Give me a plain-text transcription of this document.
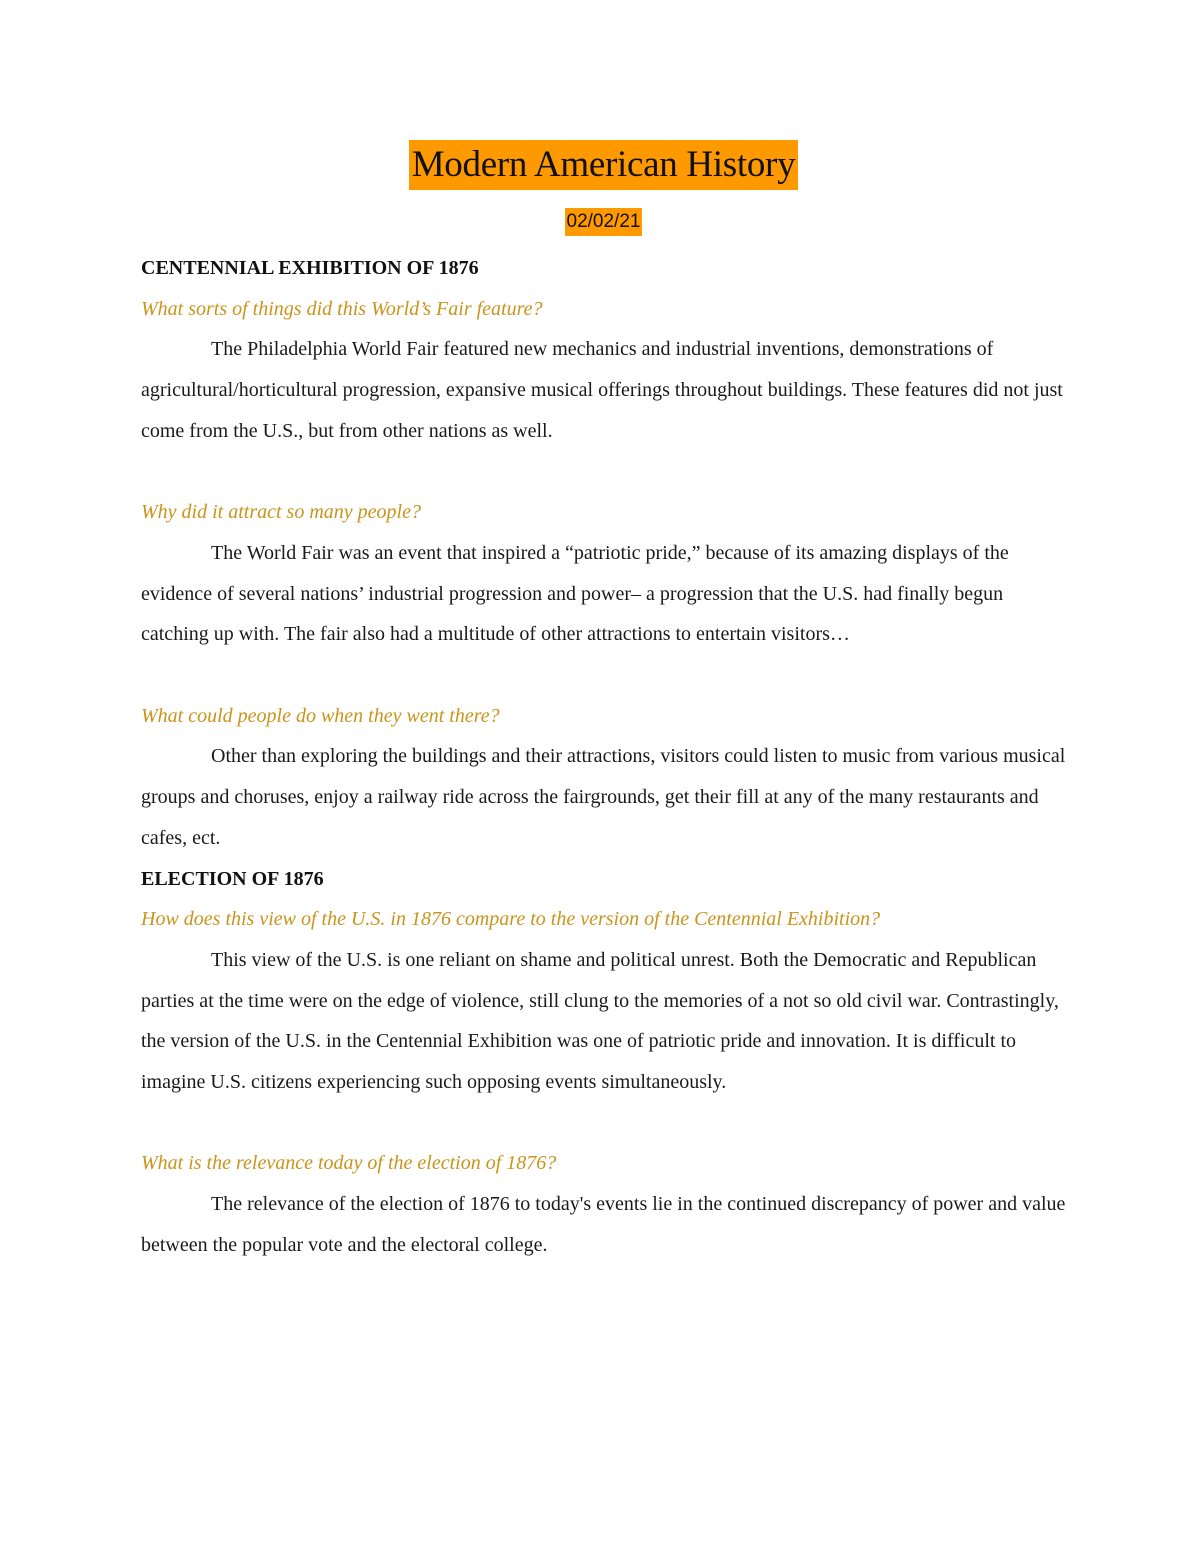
Modern American History
02/02/21

CENTENNIAL EXHIBITION OF 1876

What sorts of things did this World’s Fair feature?

The Philadelphia World Fair featured new mechanics and industrial inventions, demonstrations of agricultural/horticultural progression, expansive musical offerings throughout buildings. These features did not just come from the U.S., but from other nations as well.

Why did it attract so many people?

The World Fair was an event that inspired a “patriotic pride,” because of its amazing displays of the evidence of several nations’ industrial progression and power– a progression that the U.S. had finally begun catching up with. The fair also had a multitude of other attractions to entertain visitors…

What could people do when they went there?

Other than exploring the buildings and their attractions, visitors could listen to music from various musical groups and choruses, enjoy a railway ride across the fairgrounds, get their fill at any of the many restaurants and cafes, ect.

ELECTION OF 1876

How does this view of the U.S. in 1876 compare to the version of the Centennial Exhibition?

This view of the U.S. is one reliant on shame and political unrest. Both the Democratic and Republican parties at the time were on the edge of violence, still clung to the memories of a not so old civil war. Contrastingly, the version of the U.S. in the Centennial Exhibition was one of patriotic pride and innovation. It is difficult to imagine U.S. citizens experiencing such opposing events simultaneously.

What is the relevance today of the election of 1876?

The relevance of the election of 1876 to today's events lie in the continued discrepancy of power and value between the popular vote and the electoral college.
